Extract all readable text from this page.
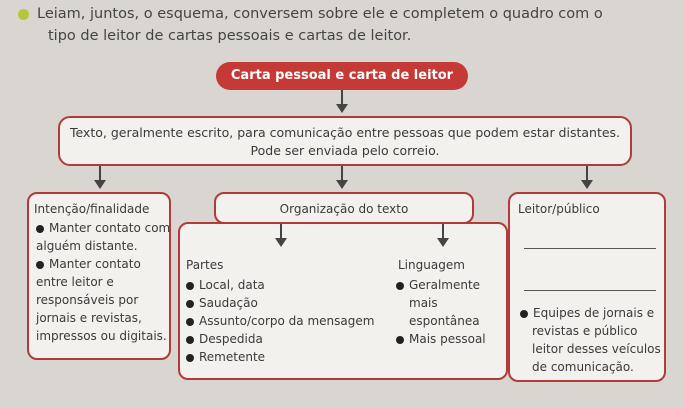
Leiam, juntos, o esquema, conversem sobre ele e completem o quadro com o
tipo de leitor de cartas pessoais e cartas de leitor.
Carta pessoal e carta de leitor
Texto, geralmente escrito, para comunicação entre pessoas que podem estar distantes.
Pode ser enviada pelo correio.
Intenção/finalidade
Manter contato com
alguém distante.
Manter contato
entre leitor e
responsáveis por
jornais e revistas,
impressos ou digitais.
Organização do texto
Partes
Local, data
Saudação
Assunto/corpo da mensagem
Despedida
Remetente
Linguagem
Geralmente
mais
espontânea
Mais pessoal
Leitor/público
Equipes de jornais e
revistas e público
leitor desses veículos
de comunicação.
